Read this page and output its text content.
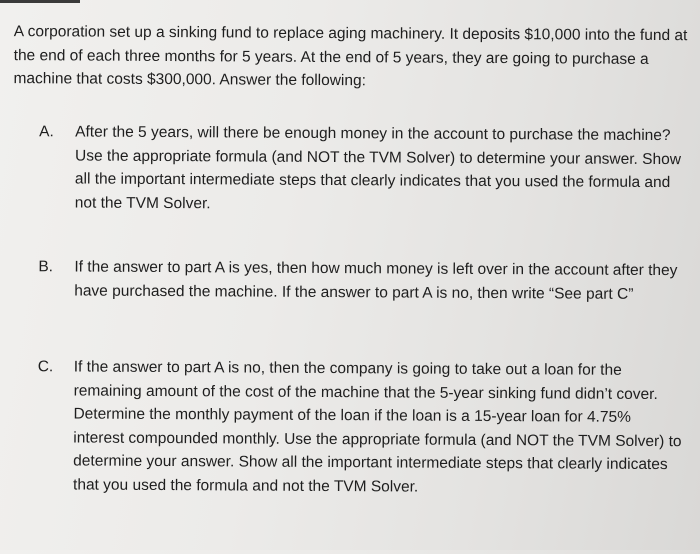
A corporation set up a sinking fund to replace aging machinery. It deposits $10,000 into the fund at the end of each three months for 5 years. At the end of 5 years, they are going to purchase a machine that costs $300,000. Answer the following:

A.	After the 5 years, will there be enough money in the account to purchase the machine? Use the appropriate formula (and NOT the TVM Solver) to determine your answer. Show all the important intermediate steps that clearly indicates that you used the formula and not the TVM Solver.

B.	If the answer to part A is yes, then how much money is left over in the account after they have purchased the machine. If the answer to part A is no, then write “See part C”

C.	If the answer to part A is no, then the company is going to take out a loan for the remaining amount of the cost of the machine that the 5-year sinking fund didn’t cover. Determine the monthly payment of the loan if the loan is a 15-year loan for 4.75% interest compounded monthly. Use the appropriate formula (and NOT the TVM Solver) to determine your answer. Show all the important intermediate steps that clearly indicates that you used the formula and not the TVM Solver.
